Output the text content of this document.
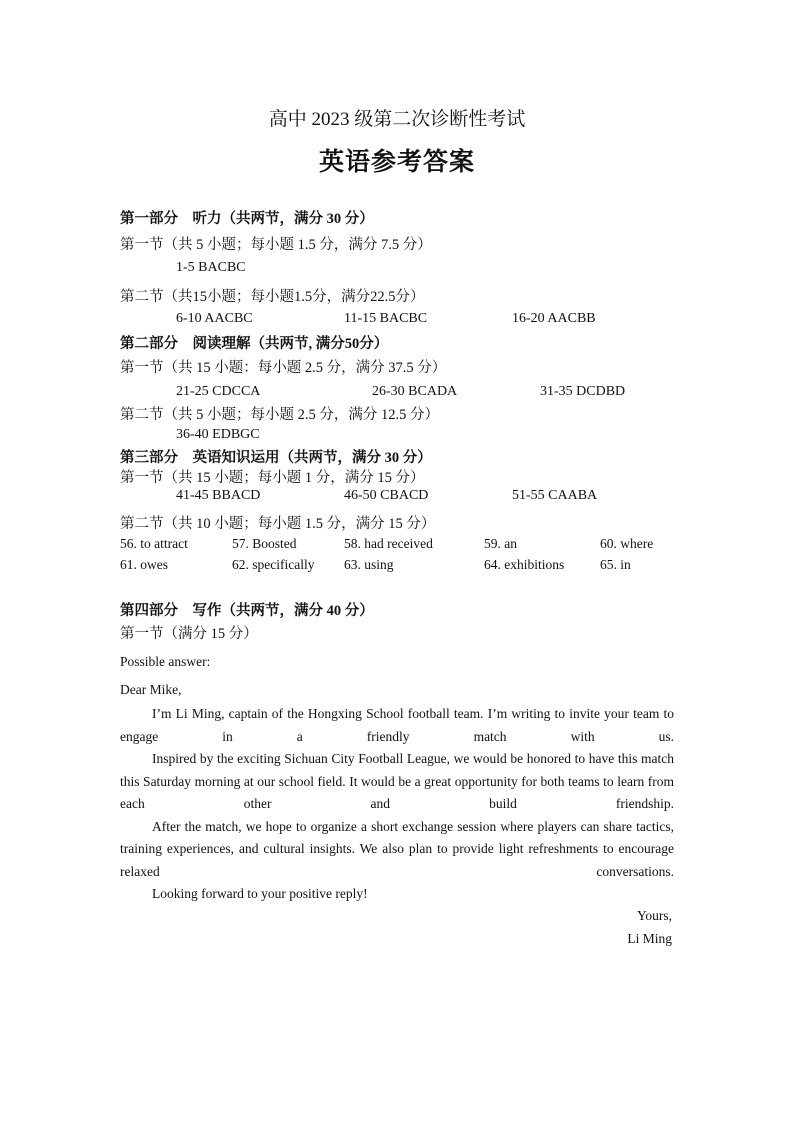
高中 2023 级第二次诊断性考试
英语参考答案
第一部分　听力（共两节，满分 30 分）
第一节（共 5 小题；每小题 1.5 分，满分 7.5 分）
1-5 BACBC
第二节（共15小题；每小题1.5分，满分22.5分）
6-10 AACBC	11-15 BACBC	16-20 AACBB
第二部分　阅读理解（共两节, 满分50分）
第一节（共 15 小题：每小题 2.5 分，满分 37.5 分）
21-25 CDCCA	26-30 BCADA	31-35 DCDBD
第二节（共 5 小题；每小题 2.5 分，满分 12.5 分）
36-40 EDBGC
第三部分　英语知识运用（共两节，满分 30 分）
第一节（共 15 小题；每小题 1 分，满分 15 分）
41-45 BBACD	46-50 CBACD	51-55 CAABA
第二节（共 10 小题；每小题 1.5 分，满分 15 分）
56. to attract	57. Boosted	58. had received	59. an	60. where
61. owes	62. specifically 63. using	64. exhibitions	65. in
第四部分　写作（共两节，满分 40 分）
第一节（满分 15 分）
Possible answer:
Dear Mike,

I’m Li Ming, captain of the Hongxing School football team. I’m writing to invite your team to engage in a friendly match with us.

Inspired by the exciting Sichuan City Football League, we would be honored to have this match this Saturday morning at our school field. It would be a great opportunity for both teams to learn from each other and build friendship.

After the match, we hope to organize a short exchange session where players can share tactics, training experiences, and cultural insights. We also plan to provide light refreshments to encourage relaxed conversations.

Looking forward to your positive reply!

Yours,
Li Ming
